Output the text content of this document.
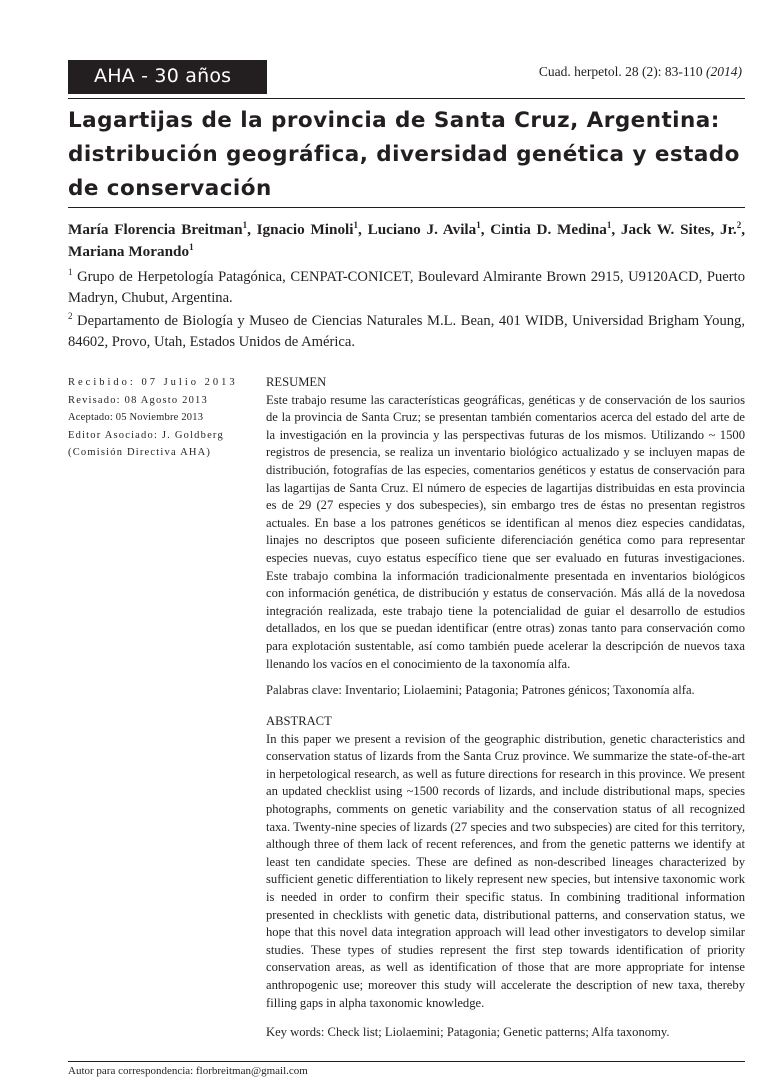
AHA - 30 años	Cuad. herpetol. 28 (2): 83-110 (2014)
Lagartijas de la provincia de Santa Cruz, Argentina: distribución geográfica, diversidad genética y estado de conservación
María Florencia Breitman$^1$, Ignacio Minoli$^1$, Luciano J. Avila$^1$, Cintia D. Medina$^1$, Jack W. Sites, Jr.$^2$, Mariana Morando$^1$
$^1$ Grupo de Herpetología Patagónica, CENPAT-CONICET, Boulevard Almirante Brown 2915, U9120ACD, Puerto Madryn, Chubut, Argentina.
$^2$ Departamento de Biología y Museo de Ciencias Naturales M.L. Bean, 401 WIDB, Universidad Brigham Young, 84602, Provo, Utah, Estados Unidos de América.
Recibido: 07 Julio 2013
Revisado: 08 Agosto 2013
Aceptado: 05 Noviembre 2013
Editor Asociado: J. Goldberg
(Comisión Directiva AHA)
RESUMEN

Este trabajo resume las características geográficas, genéticas y de conservación de los saurios de la provincia de Santa Cruz; se presentan también comentarios acerca del estado del arte de la investigación en la provincia y las perspectivas futuras de los mismos. Utilizando ~ 1500 registros de presencia, se realiza un inventario biológico actualizado y se incluyen mapas de distribución, fotografías de las especies, comentarios genéticos y estatus de conservación para las lagartijas de Santa Cruz. El número de especies de lagartijas distribuidas en esta provincia es de 29 (27 especies y dos subespecies), sin embargo tres de éstas no presentan registros actuales. En base a los patrones genéticos se identifican al menos diez especies candidatas, linajes no descriptos que poseen suficiente diferenciación genética como para representar especies nuevas, cuyo estatus específico tiene que ser evaluado en futuras investigaciones. Este trabajo combina la información tradicionalmente presentada en inventarios biológicos con información genética, de distribución y estatus de conservación. Más allá de la novedosa integración realizada, este trabajo tiene la potencialidad de guiar el desarrollo de estudios detallados, en los que se puedan identificar (entre otras) zonas tanto para conservación como para explotación sustentable, así como también puede acelerar la descripción de nuevos taxa llenando los vacíos en el conocimiento de la taxonomía alfa.

Palabras clave: Inventario; Liolaemini; Patagonia; Patrones génicos; Taxonomía alfa.
ABSTRACT

In this paper we present a revision of the geographic distribution, genetic characteristics and conservation status of lizards from the Santa Cruz province. We summarize the state-of-the-art in herpetological research, as well as future directions for research in this province. We present an updated checklist using ~1500 records of lizards, and include distributional maps, species photographs, comments on genetic variability and the conservation status of all recognized taxa. Twenty-nine species of lizards (27 species and two subspecies) are cited for this territory, although three of them lack of recent references, and from the genetic patterns we identify at least ten candidate species. These are defined as non-described lineages characterized by sufficient genetic differentiation to likely represent new species, but intensive taxonomic work is needed in order to confirm their specific status. In combining traditional information presented in checklists with genetic data, distributional patterns, and conservation status, we hope that this novel data integration approach will lead other investigators to develop similar studies. These types of studies represent the first step towards identification of priority conservation areas, as well as identification of those that are more appropriate for intense anthropogenic use; moreover this study will accelerate the description of new taxa, thereby filling gaps in alpha taxonomic knowledge.

Key words: Check list; Liolaemini; Patagonia; Genetic patterns; Alfa taxonomy.
Autor para correspondencia: florbreitman@gmail.com
